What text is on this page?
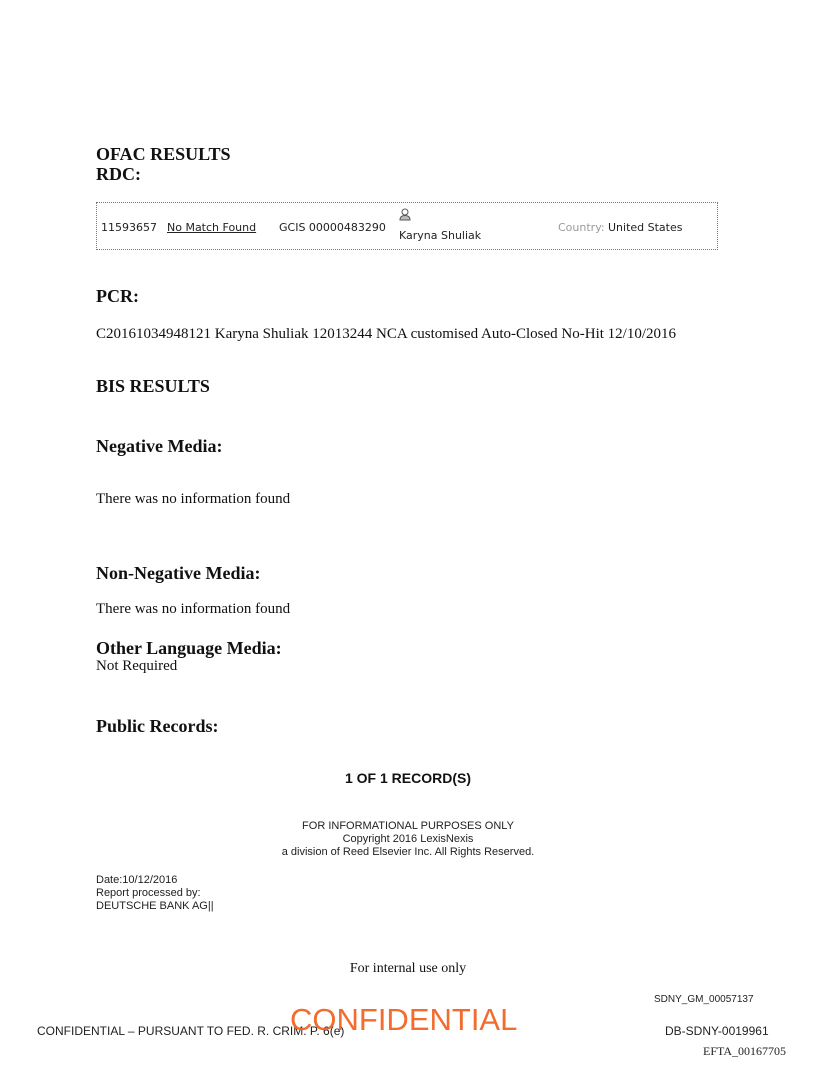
OFAC RESULTS
RDC:
11593657 No Match Found GCIS 00000483290
Karyna Shuliak
Country: United States
PCR:
C20161034948121 Karyna Shuliak 12013244 NCA customised Auto-Closed No-Hit 12/10/2016
BIS RESULTS
Negative Media:
There was no information found
Non-Negative Media:
There was no information found
Other Language Media:
Not Required
Public Records:
1 OF 1 RECORD(S)
FOR INFORMATIONAL PURPOSES ONLY
Copyright 2016 LexisNexis
a division of Reed Elsevier Inc. All Rights Reserved.
Date:10/12/2016
Report processed by:
DEUTSCHE BANK AG||
For internal use only
SDNY_GM_00057137
CONFIDENTIAL – PURSUANT TO FED. R. CRIM. P. 6(e)
CONFIDENTIAL	DB-SDNY-0019961
EFTA_00167705
